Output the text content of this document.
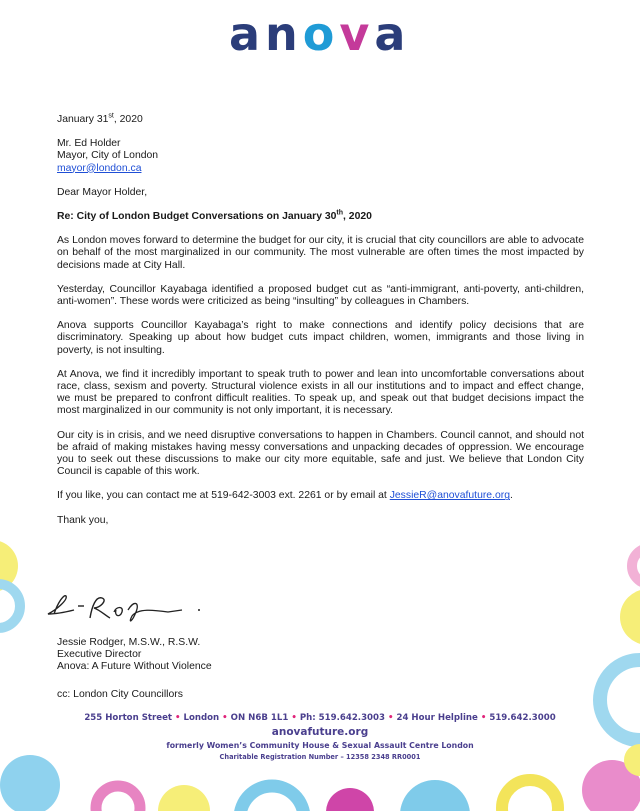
anova

January 31st, 2020

Mr. Ed Holder

Mayor, City of London

mayor@london.ca

Dear Mayor Holder,

Re: City of London Budget Conversations on January 30th, 2020

As London moves forward to determine the budget for our city, it is crucial that city councillors are able to advocate on behalf of the most marginalized in our community. The most vulnerable are often times the most impacted by decisions made at City Hall.

Yesterday, Councillor Kayabaga identified a proposed budget cut as “anti-immigrant, anti-poverty, anti-children, anti-women”. These words were criticized as being “insulting” by colleagues in Chambers.

Anova supports Councillor Kayabaga’s right to make connections and identify policy decisions that are discriminatory. Speaking up about how budget cuts impact children, women, immigrants and those living in poverty, is not insulting.

At Anova, we find it incredibly important to speak truth to power and lean into uncomfortable conversations about race, class, sexism and poverty. Structural violence exists in all our institutions and to impact and effect change, we must be prepared to confront difficult realities. To speak up, and speak out that budget decisions impact the most marginalized in our community is not only important, it is necessary.

Our city is in crisis, and we need disruptive conversations to happen in Chambers. Council cannot, and should not be afraid of making mistakes having messy conversations and unpacking decades of oppression. We encourage you to seek out these discussions to make our city more equitable, safe and just. We believe that London City Council is capable of this work.

If you like, you can contact me at 519-642-3003 ext. 2261 or by email at JessieR@anovafuture.org.

Thank you,

Jessie Rodger, M.S.W., R.S.W.
Executive Director
Anova: A Future Without Violence
cc: London City Councillors
255 Horton Street • London • ON N6B 1L1 • Ph: 519.642.3003 • 24 Hour Helpline • 519.642.3000
anovafuture.org
formerly Women’s Community House & Sexual Assault Centre London
Charitable Registration Number – 12358 2348 RR0001
